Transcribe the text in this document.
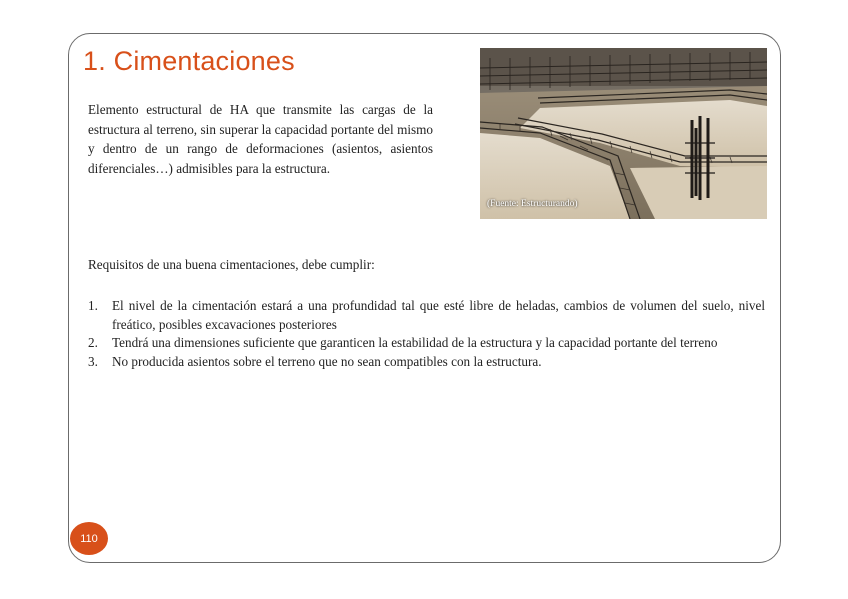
1. Cimentaciones

Elemento estructural de HA que transmite las cargas de la estructura al terreno, sin superar la capacidad portante del mismo y dentro de un rango de deformaciones (asientos, asientos diferenciales…) admisibles para la estructura.

(Fuente: Estructurando)

Requisitos de una buena cimentaciones, debe cumplir:

1. El nivel de la cimentación estará a una profundidad tal que esté libre de heladas, cambios de volumen del suelo, nivel freático, posibles excavaciones posteriores
2. Tendrá una dimensiones suficiente que garanticen la estabilidad de la estructura y la capacidad portante del terreno
3. No producida asientos sobre el terreno que no sean compatibles con la estructura.
110
